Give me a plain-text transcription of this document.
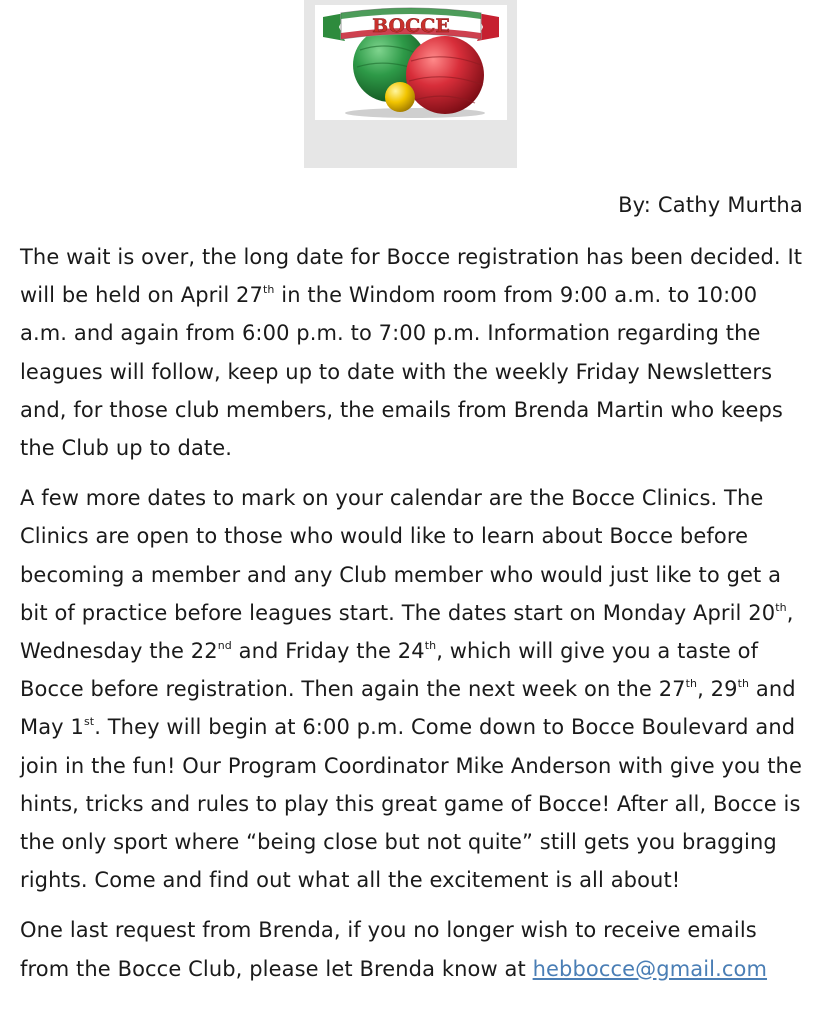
BOCCE
By: Cathy Murtha

The wait is over, the long date for Bocce registration has been decided. It will be held on April 27th in the Windom room from 9:00 a.m. to 10:00 a.m. and again from 6:00 p.m. to 7:00 p.m. Information regarding the leagues will follow, keep up to date with the weekly Friday Newsletters and, for those club members, the emails from Brenda Martin who keeps the Club up to date.

A few more dates to mark on your calendar are the Bocce Clinics. The Clinics are open to those who would like to learn about Bocce before becoming a member and any Club member who would just like to get a bit of practice before leagues start. The dates start on Monday April 20th, Wednesday the 22nd and Friday the 24th, which will give you a taste of Bocce before registration. Then again the next week on the 27th, 29th and May 1st. They will begin at 6:00 p.m. Come down to Bocce Boulevard and join in the fun! Our Program Coordinator Mike Anderson with give you the hints, tricks and rules to play this great game of Bocce! After all, Bocce is the only sport where “being close but not quite” still gets you bragging rights. Come and find out what all the excitement is all about!

One last request from Brenda, if you no longer wish to receive emails from the Bocce Club, please let Brenda know at hebbocce@gmail.com
